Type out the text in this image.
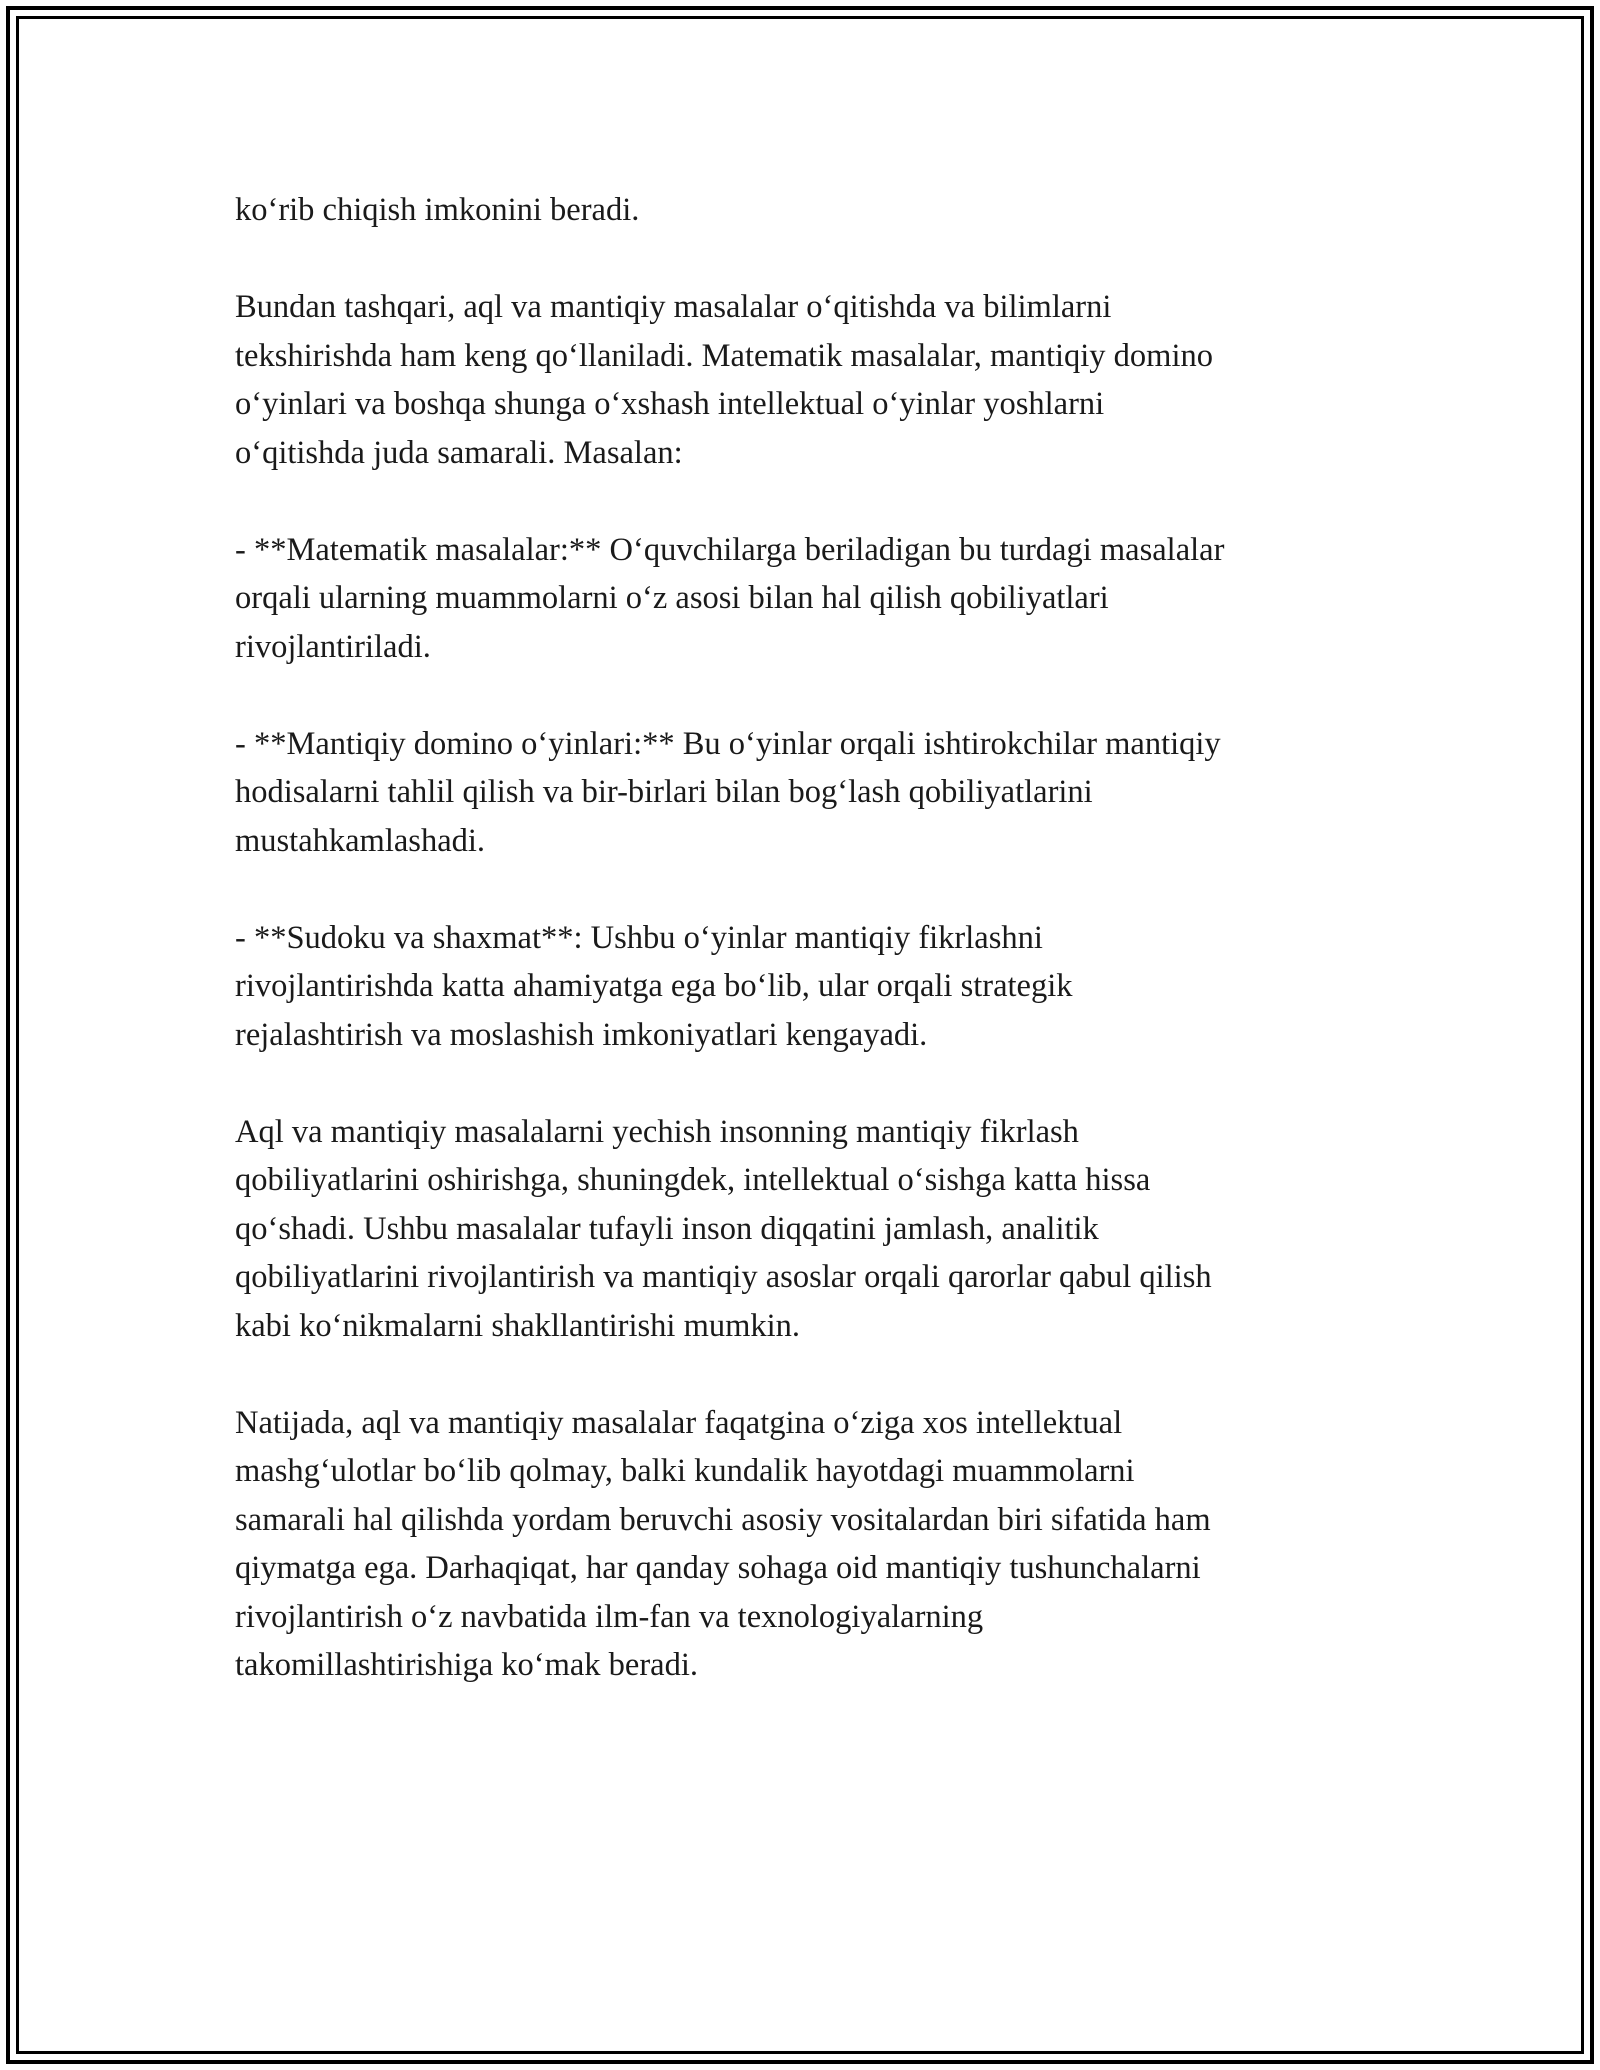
ko‘rib chiqish imkonini beradi.

Bundan tashqari, aql va mantiqiy masalalar o‘qitishda va bilimlarni
tekshirishda ham keng qo‘llaniladi. Matematik masalalar, mantiqiy domino
o‘yinlari va boshqa shunga o‘xshash intellektual o‘yinlar yoshlarni
o‘qitishda juda samarali. Masalan:

- **Matematik masalalar:** O‘quvchilarga beriladigan bu turdagi masalalar
orqali ularning muammolarni o‘z asosi bilan hal qilish qobiliyatlari
rivojlantiriladi.

- **Mantiqiy domino o‘yinlari:** Bu o‘yinlar orqali ishtirokchilar mantiqiy
hodisalarni tahlil qilish va bir-birlari bilan bog‘lash qobiliyatlarini
mustahkamlashadi.

- **Sudoku va shaxmat**: Ushbu o‘yinlar mantiqiy fikrlashni
rivojlantirishda katta ahamiyatga ega bo‘lib, ular orqali strategik
rejalashtirish va moslashish imkoniyatlari kengayadi.

Aql va mantiqiy masalalarni yechish insonning mantiqiy fikrlash
qobiliyatlarini oshirishga, shuningdek, intellektual o‘sishga katta hissa
qo‘shadi. Ushbu masalalar tufayli inson diqqatini jamlash, analitik
qobiliyatlarini rivojlantirish va mantiqiy asoslar orqali qarorlar qabul qilish
kabi ko‘nikmalarni shakllantirishi mumkin.

Natijada, aql va mantiqiy masalalar faqatgina o‘ziga xos intellektual
mashg‘ulotlar bo‘lib qolmay, balki kundalik hayotdagi muammolarni
samarali hal qilishda yordam beruvchi asosiy vositalardan biri sifatida ham
qiymatga ega. Darhaqiqat, har qanday sohaga oid mantiqiy tushunchalarni
rivojlantirish o‘z navbatida ilm-fan va texnologiyalarning
takomillashtirishiga ko‘mak beradi.
